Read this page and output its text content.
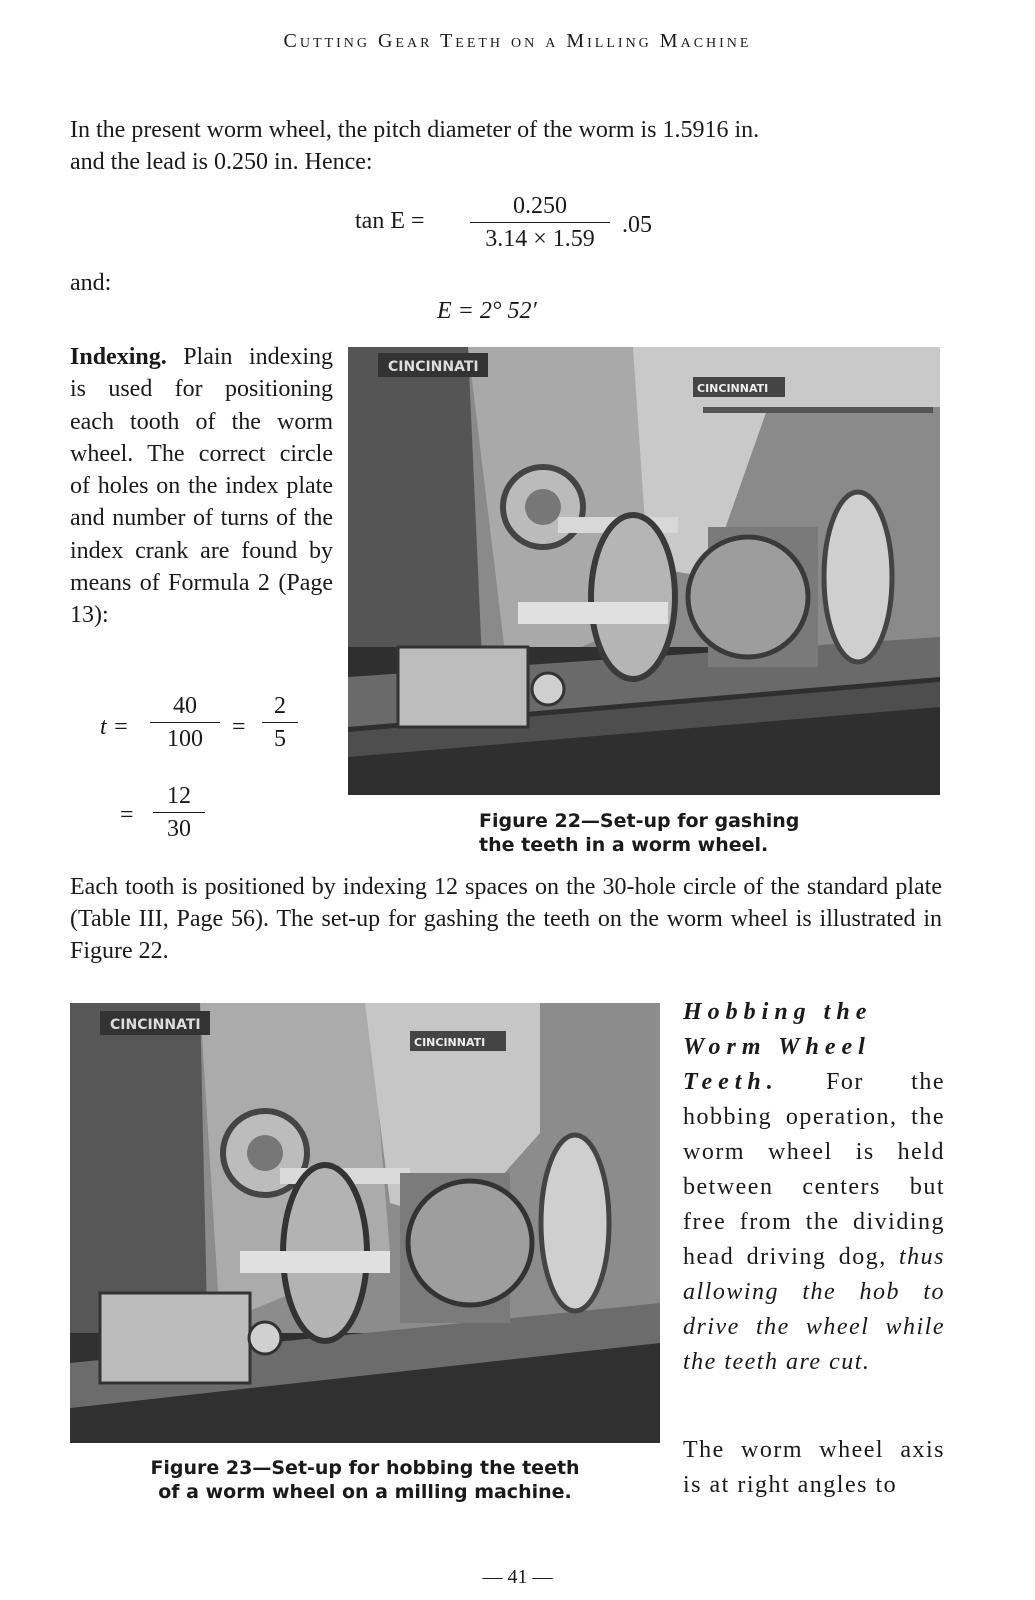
Cutting Gear Teeth on a Milling Machine
In the present worm wheel, the pitch diameter of the worm is 1.5916 in.
and the lead is 0.250 in. Hence:
$\tan E = \frac{0.250}{3.14 \times 1.59} .05$
and:
E = 2° 52′
Indexing. Plain indexing is used for positioning each tooth of the worm wheel. The correct circle of holes on the index plate and number of turns of the index crank are found by means of Formula 2 (Page 13):
$t = \frac{40}{100} = \frac{2}{5}$
= $\frac{12}{30}$
CINCINNATI
CINCINNATI
Figure 22—Set-up for gashing
the teeth in a worm wheel.
Each tooth is positioned by indexing 12 spaces on the 30-hole circle of the standard plate (Table III, Page 56). The set-up for gashing the teeth on the worm wheel is illustrated in Figure 22.
CINCINNATI
CINCINNATI
Figure 23—Set-up for hobbing the teeth
of a worm wheel on a milling machine.
Hobbing the
Worm Wheel
Teeth. For the hobbing operation, the worm wheel is held between centers but free from the dividing head driving dog, thus allowing the hob to drive the wheel while the teeth are cut.
The worm wheel axis is at right angles to
— 41 —
